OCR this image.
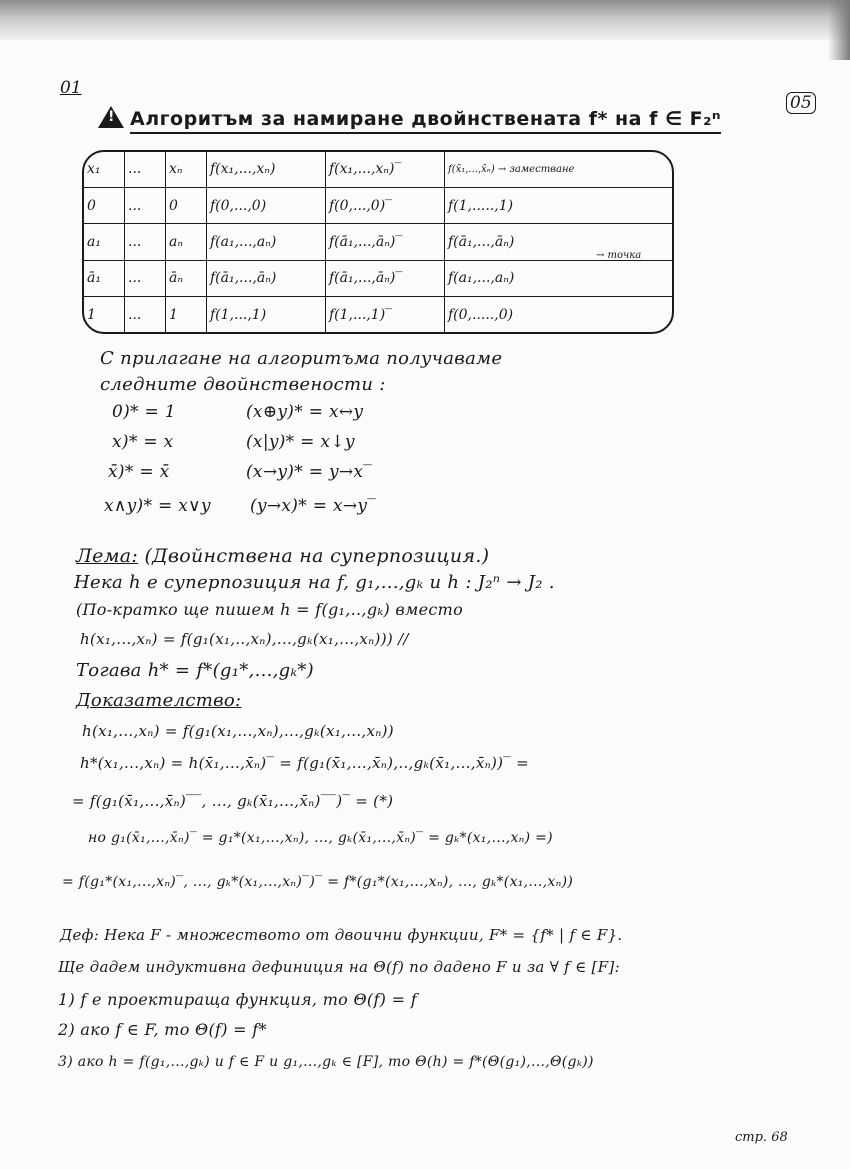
01
05
!Алгоритъм за намиране двойнствената f* на f ∈ F₂ⁿ
x₁	...	xₙ	f(x₁,...,xₙ)	f(x₁,...,xₙ)‾	f(x̄₁,...,x̄ₙ) → заместване
0	...	0	f(0,...,0)	f(0,...,0)‾	f(1,.....,1)
a₁	...	aₙ	f(a₁,...,aₙ)	f(ā₁,...,āₙ)‾	f(ā₁,...,āₙ)
ā₁	...	āₙ	f(ā₁,...,āₙ)	f(ā₁,...,āₙ)‾	f(a₁,...,aₙ)
1	...	1	f(1,...,1)	f(1,...,1)‾	f(0,.....,0)
→ точка
С прилагане на алгоритъма получаваме
следните двойнствености :
0)* = 1	(x⊕y)* = x↔y
x)* = x	(x|y)* = x↓y
x̄)* = x̄	(x→y)* = y→x‾
x∧y)* = x∨y (y→x)* = x→y‾
Лема: (Двойнствена на суперпозиция.)
Нека h е суперпозиция на f, g₁,...,gₖ и h : J₂ⁿ → J₂ .
(По-кратко ще пишем h = f(g₁,..,gₖ) вместо
h(x₁,...,xₙ) = f(g₁(x₁,..,xₙ),...,gₖ(x₁,...,xₙ))) //
Тогава h* = f*(g₁*,...,gₖ*)
Доказателство:
h(x₁,...,xₙ) = f(g₁(x₁,...,xₙ),...,gₖ(x₁,...,xₙ))
h*(x₁,...,xₙ) = h(x̄₁,...,x̄ₙ)‾ = f(g₁(x̄₁,...,x̄ₙ),..,gₖ(x̄₁,...,x̄ₙ))‾ =
= f(g₁(x̄₁,...,x̄ₙ)‾‾, ..., gₖ(x̄₁,...,x̄ₙ)‾‾)‾ = (*)
но g₁(x̄₁,...,x̄ₙ)‾ = g₁*(x₁,...,xₙ), ..., gₖ(x̄₁,...,x̄ₙ)‾ = gₖ*(x₁,...,xₙ) =)
= f(g₁*(x₁,...,xₙ)‾, ..., gₖ*(x₁,...,xₙ)‾)‾ = f*(g₁*(x₁,...,xₙ), ..., gₖ*(x₁,...,xₙ))
Деф: Нека F - множеството от двоични функции, F* = {f* | f ∈ F}.
Ще дадем индуктивна дефиниция на Θ(f) по дадено F и за ∀ f ∈ [F]:
1) f е проектираща функция, то Θ(f) = f
2) ако f ∈ F, то Θ(f) = f*
3) ако h = f(g₁,...,gₖ) и f ∈ F и g₁,...,gₖ ∈ [F], то Θ(h) = f*(Θ(g₁),...,Θ(gₖ))
стр. 68
